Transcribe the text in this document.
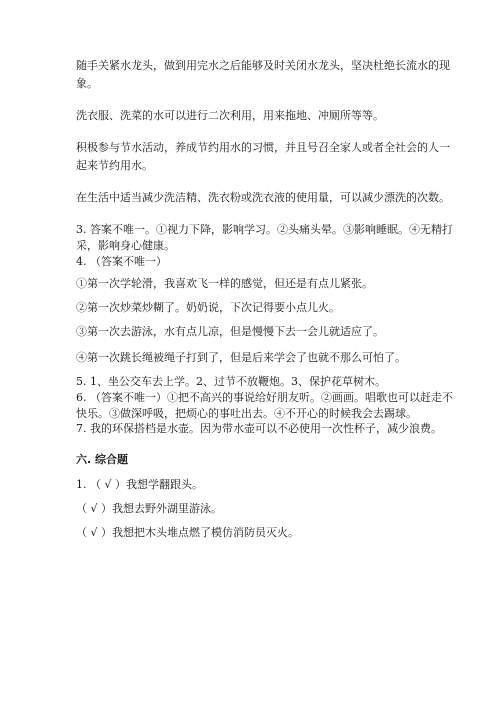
随手关紧水龙头，做到用完水之后能够及时关闭水龙头，坚决杜绝长流水的现
象。
洗衣服、洗菜的水可以进行二次利用，用来拖地、冲厕所等等。
积极参与节水活动，养成节约用水的习惯，并且号召全家人或者全社会的人一
起来节约用水。
在生活中适当减少洗洁精、洗衣粉或洗衣液的使用量，可以减少漂洗的次数。
3. 答案不唯一。①视力下降，影响学习。②头痛头晕。③影响睡眠。④无精打
采，影响身心健康。
4. （答案不唯一）
①第一次学轮滑，我喜欢飞一样的感觉，但还是有点儿紧张。
②第一次炒菜炒糊了。奶奶说，下次记得要小点儿火。
③第一次去游泳，水有点儿凉，但是慢慢下去一会儿就适应了。
④第一次跳长绳被绳子打到了，但是后来学会了也就不那么可怕了。
5. 1、坐公交车去上学。2、过节不放鞭炮。3、保护花草树木。
6. （答案不唯一）①把不高兴的事说给好朋友听。②画画。唱歌也可以赶走不
快乐。③做深呼吸，把烦心的事吐出去。④不开心的时候我会去踢球。
7. 我的环保搭档是水壶。因为带水壶可以不必使用一次性杯子，减少浪费。
六. 综合题
1. （ √ ）我想学翻跟头。
（ √ ）我想去野外湖里游泳。
（ √ ）我想把木头堆点燃了模仿消防员灭火。
